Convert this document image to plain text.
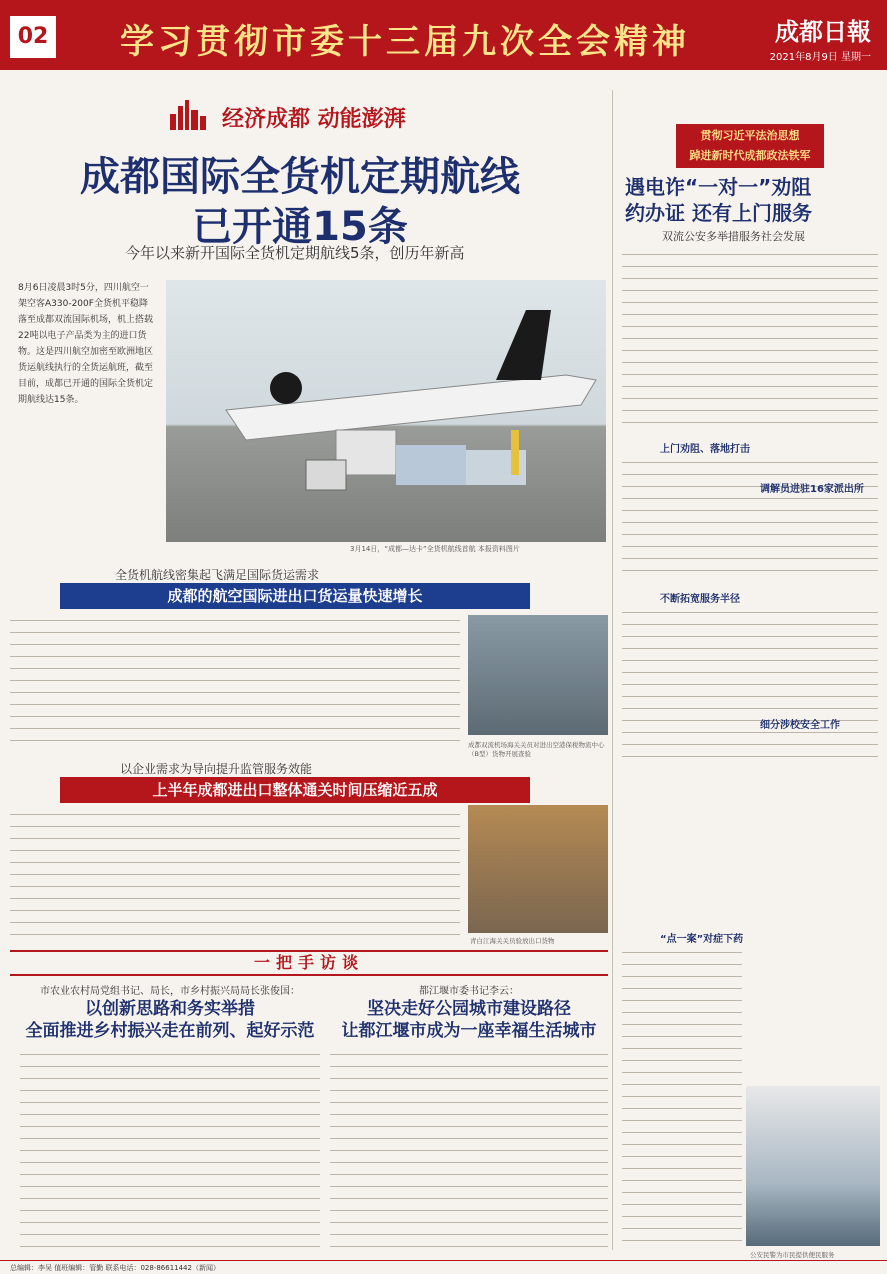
02 学习贯彻市委十三届九次全会精神	成都日報
2021年8月9日 星期一
经济成都 动能澎湃
成都国际全货机定期航线
已开通15条
今年以来新开国际全货机定期航线5条，创历年新高
8月6日凌晨3时5分，四川航空一架空客A330-200F全货机平稳降落至成都双流国际机场，机上搭载22吨以电子产品类为主的进口货物。这是四川航空加密至欧洲地区货运航线执行的全货运航班，截至目前，成都已开通的国际全货机定期航线达15条。
3月14日，“成都—达卡”全货机航线首航 本报资料图片
全货机航线密集起飞满足国际货运需求
成都的航空国际进出口货运量快速增长
成都双流机场海关关员对进出空港保税物流中心（B型）货物开展查验
以企业需求为导向提升监管服务效能
上半年成都进出口整体通关时间压缩近五成
青白江海关关员验放出口货物
一把手访谈
市农业农村局党组书记、局长，市乡村振兴局局长张俊国：
以创新思路和务实举措
全面推进乡村振兴走在前列、起好示范
都江堰市委书记李云：
坚决走好公园城市建设路径
让都江堰市成为一座幸福生活城市
贯彻习近平法治思想
踔进新时代成都政法铁军
遇电诈“一对一”劝阻
约办证 还有上门服务
双流公安多举措服务社会发展
上门劝阻、落地打击
不断拓宽服务半径
调解员进驻16家派出所
细分涉校安全工作
“点一案”对症下药
公安民警为市民提供便民服务
总编辑：李吴 值班编辑：管勤 联系电话：028-86611442（新闻）
